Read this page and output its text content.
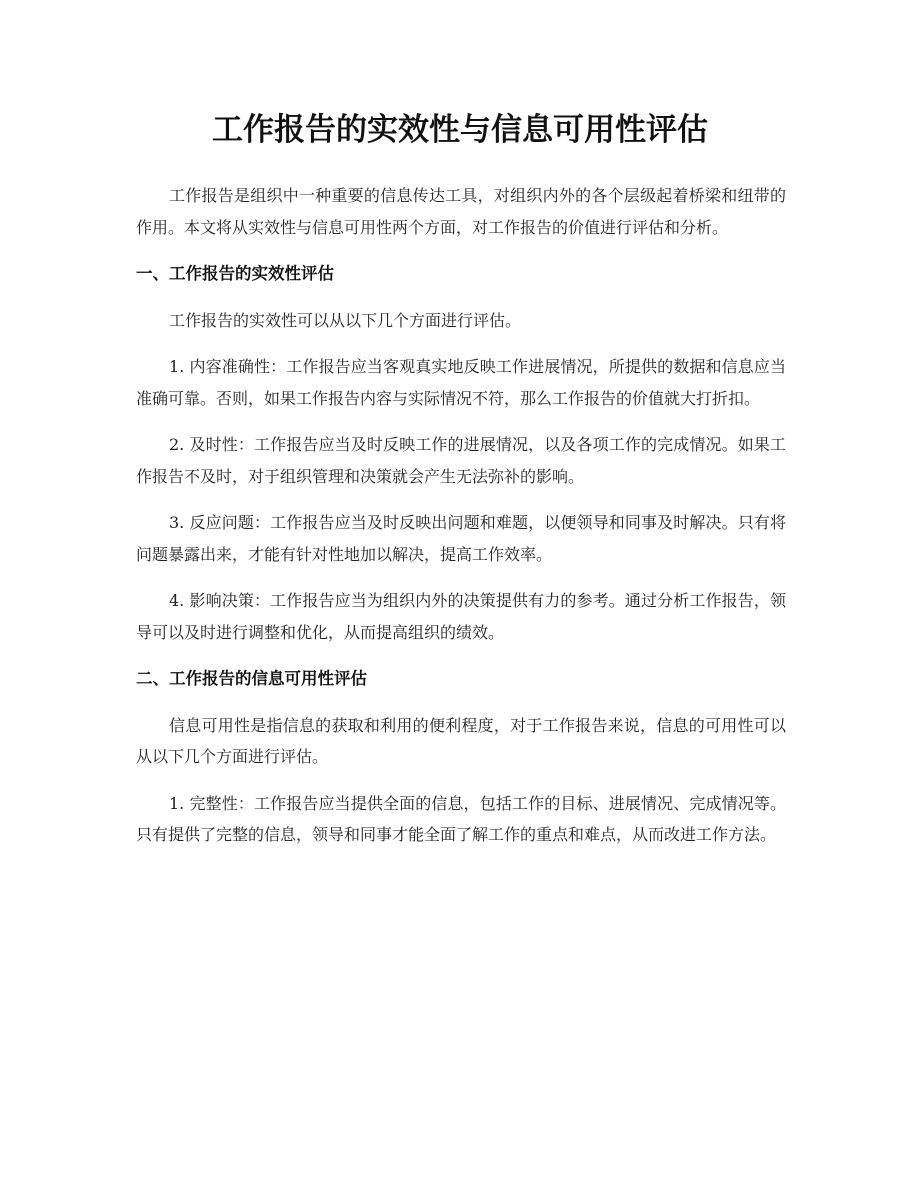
工作报告的实效性与信息可用性评估

工作报告是组织中一种重要的信息传达工具，对组织内外的各个层级起着桥梁和纽带的作用。本文将从实效性与信息可用性两个方面，对工作报告的价值进行评估和分析。

一、工作报告的实效性评估

工作报告的实效性可以从以下几个方面进行评估。

1. 内容准确性：工作报告应当客观真实地反映工作进展情况，所提供的数据和信息应当准确可靠。否则，如果工作报告内容与实际情况不符，那么工作报告的价值就大打折扣。

2. 及时性：工作报告应当及时反映工作的进展情况，以及各项工作的完成情况。如果工作报告不及时，对于组织管理和决策就会产生无法弥补的影响。

3. 反应问题：工作报告应当及时反映出问题和难题，以便领导和同事及时解决。只有将问题暴露出来，才能有针对性地加以解决，提高工作效率。

4. 影响决策：工作报告应当为组织内外的决策提供有力的参考。通过分析工作报告，领导可以及时进行调整和优化，从而提高组织的绩效。

二、工作报告的信息可用性评估

信息可用性是指信息的获取和利用的便利程度，对于工作报告来说，信息的可用性可以从以下几个方面进行评估。

1. 完整性：工作报告应当提供全面的信息，包括工作的目标、进展情况、完成情况等。只有提供了完整的信息，领导和同事才能全面了解工作的重点和难点，从而改进工作方法。
